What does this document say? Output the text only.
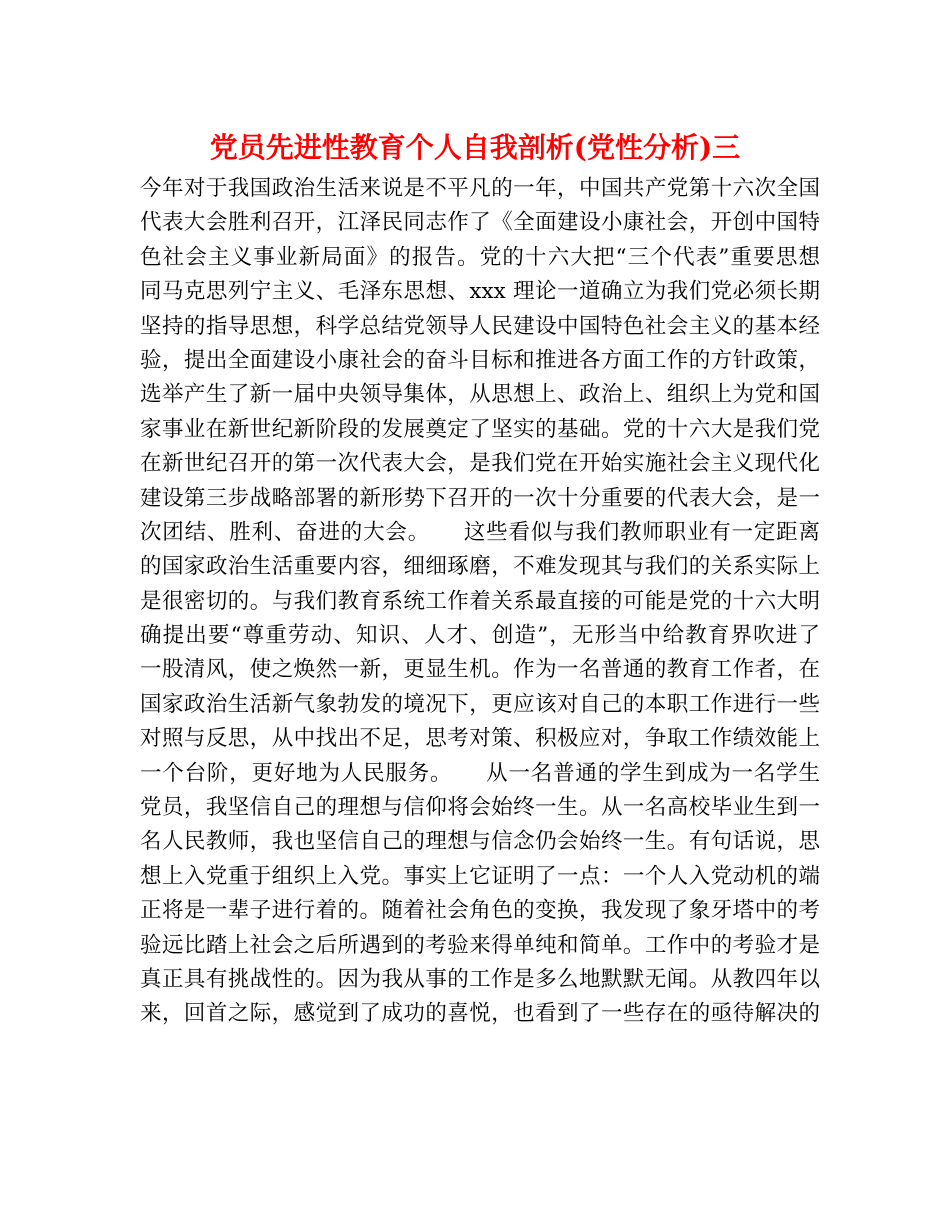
党员先进性教育个人自我剖析(党性分析)三
今年对于我国政治生活来说是不平凡的一年，中国共产党第十六次全国
代表大会胜利召开，江泽民同志作了《全面建设小康社会，开创中国特
色社会主义事业新局面》的报告。党的十六大把“三个代表”重要思想
同马克思列宁主义、毛泽东思想、xxx 理论一道确立为我们党必须长期
坚持的指导思想，科学总结党领导人民建设中国特色社会主义的基本经
验，提出全面建设小康社会的奋斗目标和推进各方面工作的方针政策，
选举产生了新一届中央领导集体，从思想上、政治上、组织上为党和国
家事业在新世纪新阶段的发展奠定了坚实的基础。党的十六大是我们党
在新世纪召开的第一次代表大会，是我们党在开始实施社会主义现代化
建设第三步战略部署的新形势下召开的一次十分重要的代表大会，是一
次团结、胜利、奋进的大会。　　这些看似与我们教师职业有一定距离
的国家政治生活重要内容，细细琢磨，不难发现其与我们的关系实际上
是很密切的。与我们教育系统工作着关系最直接的可能是党的十六大明
确提出要“尊重劳动、知识、人才、创造”，无形当中给教育界吹进了
一股清风，使之焕然一新，更显生机。作为一名普通的教育工作者，在
国家政治生活新气象勃发的境况下，更应该对自己的本职工作进行一些
对照与反思，从中找出不足，思考对策、积极应对，争取工作绩效能上
一个台阶，更好地为人民服务。　　从一名普通的学生到成为一名学生
党员，我坚信自己的理想与信仰将会始终一生。从一名高校毕业生到一
名人民教师，我也坚信自己的理想与信念仍会始终一生。有句话说，思
想上入党重于组织上入党。事实上它证明了一点：一个人入党动机的端
正将是一辈子进行着的。随着社会角色的变换，我发现了象牙塔中的考
验远比踏上社会之后所遇到的考验来得单纯和简单。工作中的考验才是
真正具有挑战性的。因为我从事的工作是多么地默默无闻。从教四年以
来，回首之际，感觉到了成功的喜悦，也看到了一些存在的亟待解决的
